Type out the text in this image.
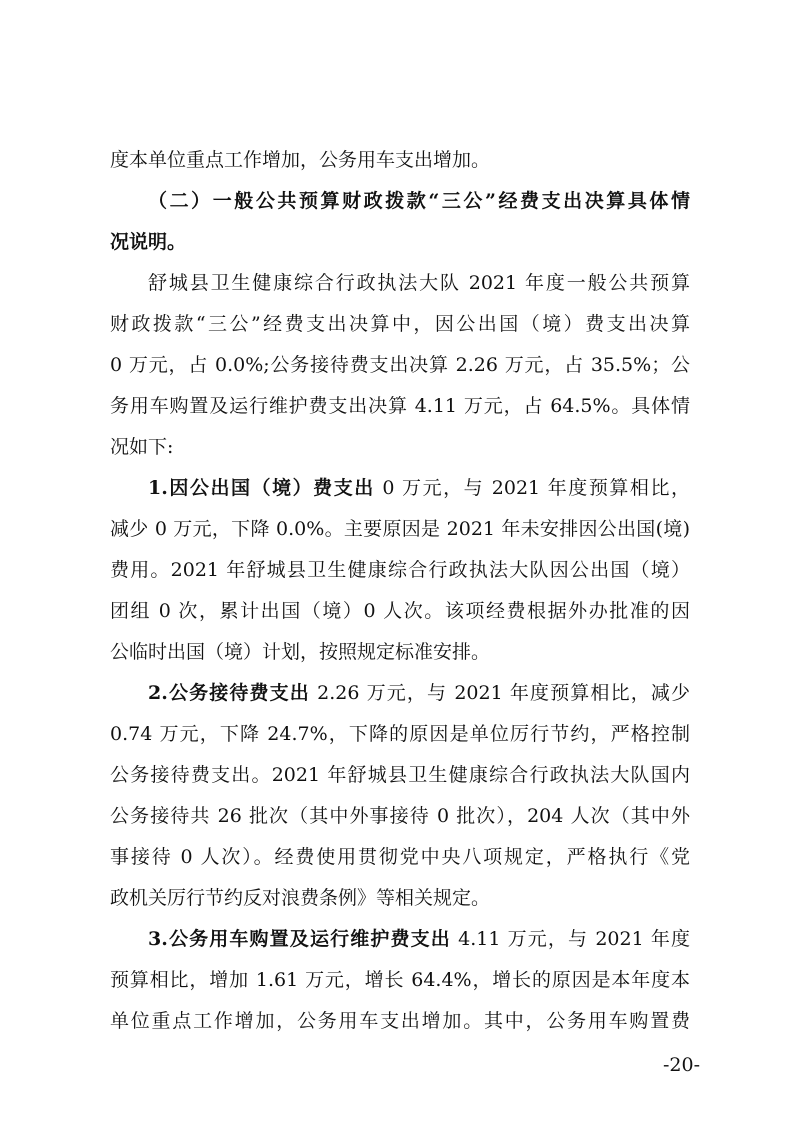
度本单位重点工作增加，公务用车支出增加。
（二）一般公共预算财政拨款“三公”经费支出决算具体情
况说明。
舒城县卫生健康综合行政执法大队 2021 年度一般公共预算
财政拨款“三公”经费支出决算中，因公出国（境）费支出决算
0 万元，占 0.0%;公务接待费支出决算 2.26 万元，占 35.5%；公
务用车购置及运行维护费支出决算 4.11 万元，占 64.5%。具体情
况如下:
1.因公出国（境）费支出 0 万元，与 2021 年度预算相比，
减少 0 万元，下降 0.0%。主要原因是 2021 年未安排因公出国(境)
费用。2021 年舒城县卫生健康综合行政执法大队因公出国（境）
团组 0 次，累计出国（境）0 人次。该项经费根据外办批准的因
公临时出国（境）计划，按照规定标准安排。
2.公务接待费支出 2.26 万元，与 2021 年度预算相比，减少
0.74 万元，下降 24.7%，下降的原因是单位厉行节约，严格控制
公务接待费支出。2021 年舒城县卫生健康综合行政执法大队国内
公务接待共 26 批次（其中外事接待 0 批次），204 人次（其中外
事接待 0 人次）。经费使用贯彻党中央八项规定，严格执行《党
政机关厉行节约反对浪费条例》等相关规定。
3.公务用车购置及运行维护费支出 4.11 万元，与 2021 年度
预算相比，增加 1.61 万元，增长 64.4%，增长的原因是本年度本
单位重点工作增加，公务用车支出增加。其中，公务用车购置费
-20-
